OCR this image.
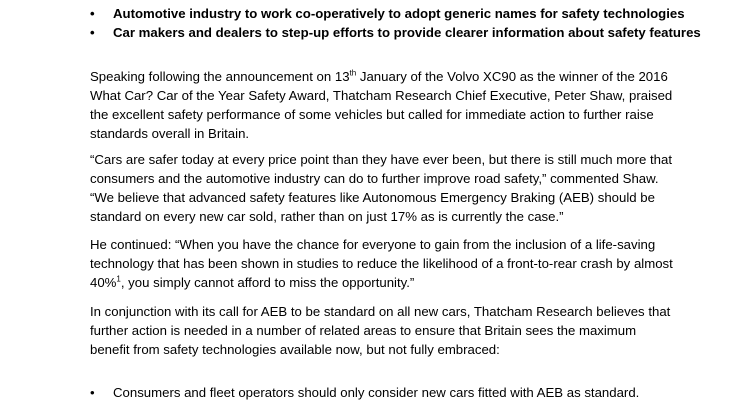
•	Automotive industry to work co-operatively to adopt generic names for safety technologies
•	Car makers and dealers to step-up efforts to provide clearer information about safety features

Speaking following the announcement on 13th January of the Volvo XC90 as the winner of the 2016
What Car? Car of the Year Safety Award, Thatcham Research Chief Executive, Peter Shaw, praised
the excellent safety performance of some vehicles but called for immediate action to further raise
standards overall in Britain.

“Cars are safer today at every price point than they have ever been, but there is still much more that
consumers and the automotive industry can do to further improve road safety,” commented Shaw.
“We believe that advanced safety features like Autonomous Emergency Braking (AEB) should be
standard on every new car sold, rather than on just 17% as is currently the case.”

He continued: “When you have the chance for everyone to gain from the inclusion of a life-saving
technology that has been shown in studies to reduce the likelihood of a front-to-rear crash by almost
40%$^1$, you simply cannot afford to miss the opportunity.”

In conjunction with its call for AEB to be standard on all new cars, Thatcham Research believes that
further action is needed in a number of related areas to ensure that Britain sees the maximum
benefit from safety technologies available now, but not fully embraced:

•	Consumers and fleet operators should only consider new cars fitted with AEB as standard.
